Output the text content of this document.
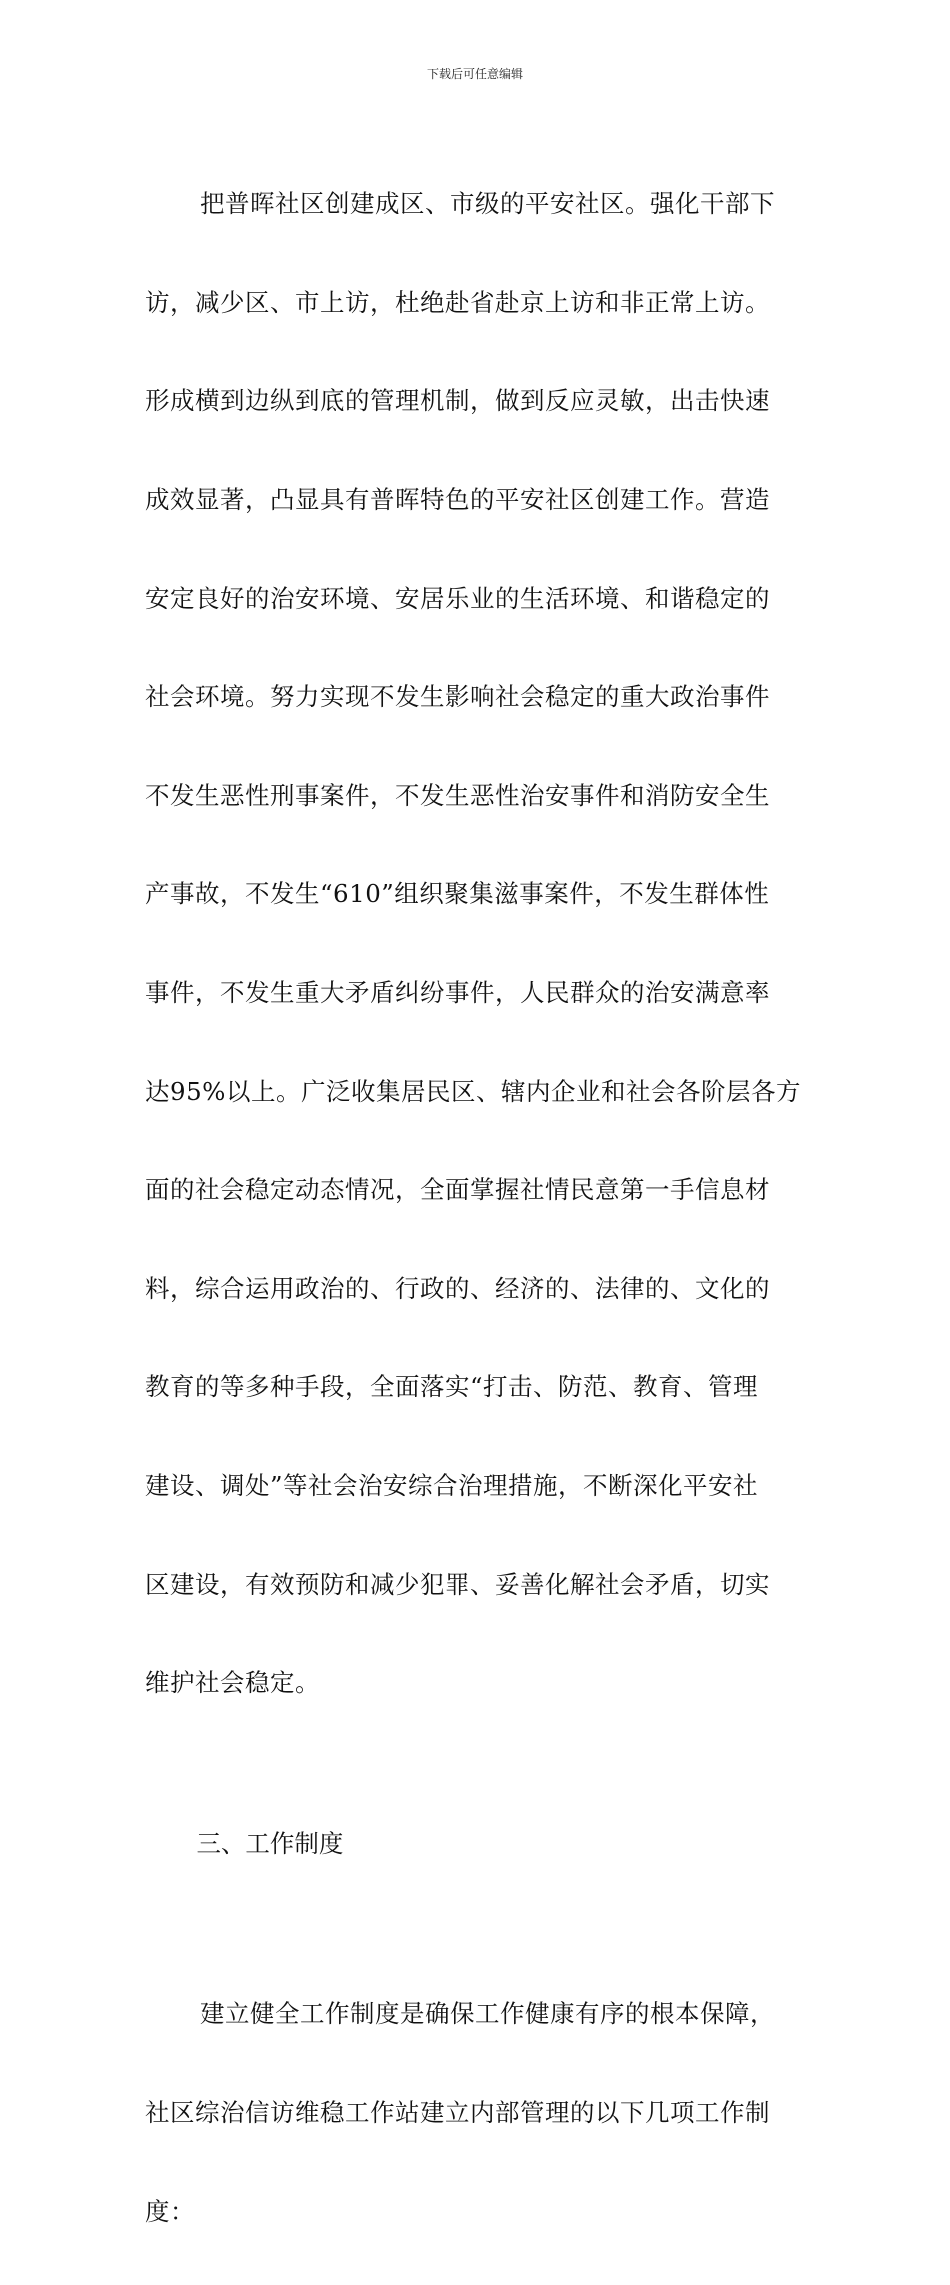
下载后可任意编辑

把普晖社区创建成区、市级的平安社区。强化干部下

访，减少区、市上访，杜绝赴省赴京上访和非正常上访。

形成横到边纵到底的管理机制，做到反应灵敏，出击快速

成效显著，凸显具有普晖特色的平安社区创建工作。营造

安定良好的治安环境、安居乐业的生活环境、和谐稳定的

社会环境。努力实现不发生影响社会稳定的重大政治事件

不发生恶性刑事案件，不发生恶性治安事件和消防安全生

产事故，不发生“610”组织聚集滋事案件，不发生群体性

事件，不发生重大矛盾纠纷事件，人民群众的治安满意率

达95%以上。广泛收集居民区、辖内企业和社会各阶层各方

面的社会稳定动态情况，全面掌握社情民意第一手信息材

料，综合运用政治的、行政的、经济的、法律的、文化的

教育的等多种手段，全面落实“打击、防范、教育、管理

建设、调处”等社会治安综合治理措施，不断深化平安社

区建设，有效预防和减少犯罪、妥善化解社会矛盾，切实

维护社会稳定。

三、工作制度

建立健全工作制度是确保工作健康有序的根本保障，

社区综治信访维稳工作站建立内部管理的以下几项工作制

度：
